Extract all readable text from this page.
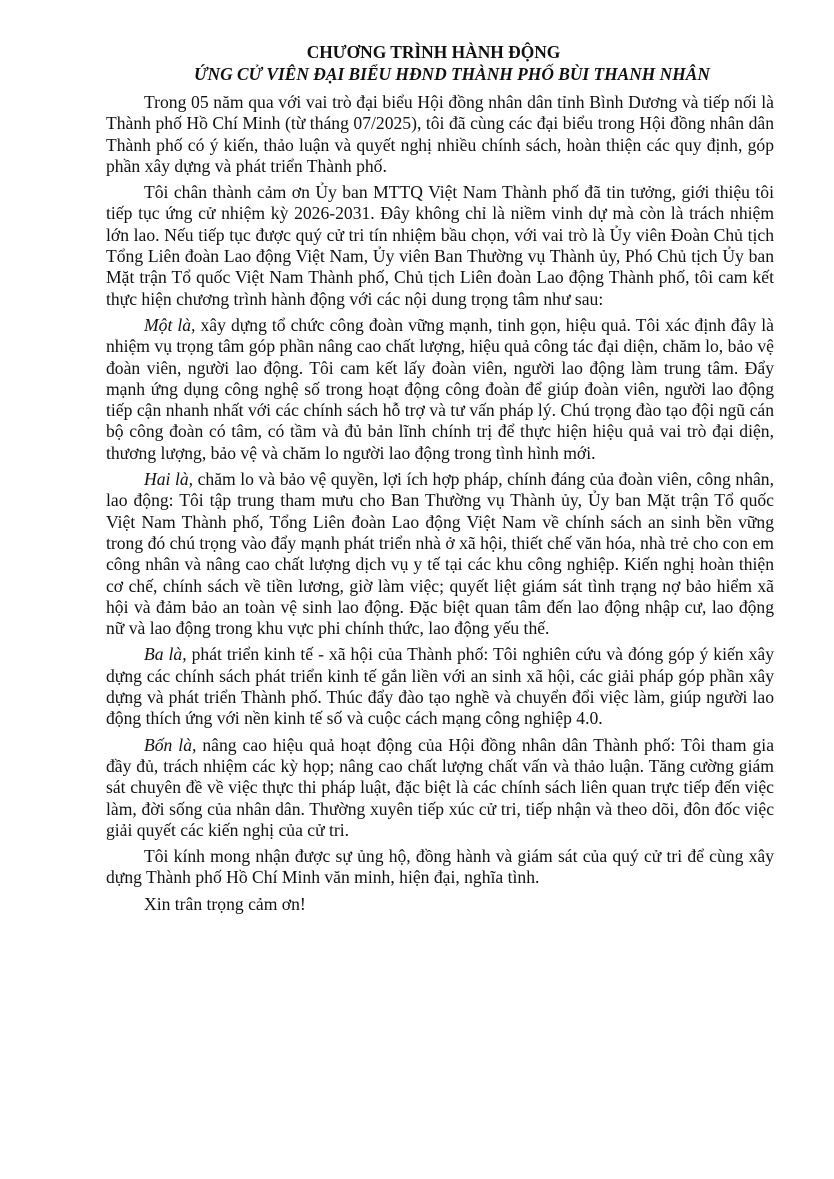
CHƯƠNG TRÌNH HÀNH ĐỘNG
ỨNG CỬ VIÊN ĐẠI BIỂU HĐND THÀNH PHỐ BÙI THANH NHÂN

Trong 05 năm qua với vai trò đại biểu Hội đồng nhân dân tỉnh Bình Dương và tiếp nối là Thành phố Hồ Chí Minh (từ tháng 07/2025), tôi đã cùng các đại biểu trong Hội đồng nhân dân Thành phố có ý kiến, thảo luận và quyết nghị nhiều chính sách, hoàn thiện các quy định, góp phần xây dựng và phát triển Thành phố.

Tôi chân thành cảm ơn Ủy ban MTTQ Việt Nam Thành phố đã tin tưởng, giới thiệu tôi tiếp tục ứng cử nhiệm kỳ 2026-2031. Đây không chỉ là niềm vinh dự mà còn là trách nhiệm lớn lao. Nếu tiếp tục được quý cử tri tín nhiệm bầu chọn, với vai trò là Ủy viên Đoàn Chủ tịch Tổng Liên đoàn Lao động Việt Nam, Ủy viên Ban Thường vụ Thành ủy, Phó Chủ tịch Ủy ban Mặt trận Tổ quốc Việt Nam Thành phố, Chủ tịch Liên đoàn Lao động Thành phố, tôi cam kết thực hiện chương trình hành động với các nội dung trọng tâm như sau:

Một là, xây dựng tổ chức công đoàn vững mạnh, tinh gọn, hiệu quả. Tôi xác định đây là nhiệm vụ trọng tâm góp phần nâng cao chất lượng, hiệu quả công tác đại diện, chăm lo, bảo vệ đoàn viên, người lao động. Tôi cam kết lấy đoàn viên, người lao động làm trung tâm. Đẩy mạnh ứng dụng công nghệ số trong hoạt động công đoàn để giúp đoàn viên, người lao động tiếp cận nhanh nhất với các chính sách hỗ trợ và tư vấn pháp lý. Chú trọng đào tạo đội ngũ cán bộ công đoàn có tâm, có tầm và đủ bản lĩnh chính trị để thực hiện hiệu quả vai trò đại diện, thương lượng, bảo vệ và chăm lo người lao động trong tình hình mới.

Hai là, chăm lo và bảo vệ quyền, lợi ích hợp pháp, chính đáng của đoàn viên, công nhân, lao động: Tôi tập trung tham mưu cho Ban Thường vụ Thành ủy, Ủy ban Mặt trận Tổ quốc Việt Nam Thành phố, Tổng Liên đoàn Lao động Việt Nam về chính sách an sinh bền vững trong đó chú trọng vào đẩy mạnh phát triển nhà ở xã hội, thiết chế văn hóa, nhà trẻ cho con em công nhân và nâng cao chất lượng dịch vụ y tế tại các khu công nghiệp. Kiến nghị hoàn thiện cơ chế, chính sách về tiền lương, giờ làm việc; quyết liệt giám sát tình trạng nợ bảo hiểm xã hội và đảm bảo an toàn vệ sinh lao động. Đặc biệt quan tâm đến lao động nhập cư, lao động nữ và lao động trong khu vực phi chính thức, lao động yếu thế.

Ba là, phát triển kinh tế - xã hội của Thành phố: Tôi nghiên cứu và đóng góp ý kiến xây dựng các chính sách phát triển kinh tế gắn liền với an sinh xã hội, các giải pháp góp phần xây dựng và phát triển Thành phố. Thúc đẩy đào tạo nghề và chuyển đổi việc làm, giúp người lao động thích ứng với nền kinh tế số và cuộc cách mạng công nghiệp 4.0.

Bốn là, nâng cao hiệu quả hoạt động của Hội đồng nhân dân Thành phố: Tôi tham gia đầy đủ, trách nhiệm các kỳ họp; nâng cao chất lượng chất vấn và thảo luận. Tăng cường giám sát chuyên đề về việc thực thi pháp luật, đặc biệt là các chính sách liên quan trực tiếp đến việc làm, đời sống của nhân dân. Thường xuyên tiếp xúc cử tri, tiếp nhận và theo dõi, đôn đốc việc giải quyết các kiến nghị của cử tri.

Tôi kính mong nhận được sự ủng hộ, đồng hành và giám sát của quý cử tri để cùng xây dựng Thành phố Hồ Chí Minh văn minh, hiện đại, nghĩa tình.

Xin trân trọng cảm ơn!
